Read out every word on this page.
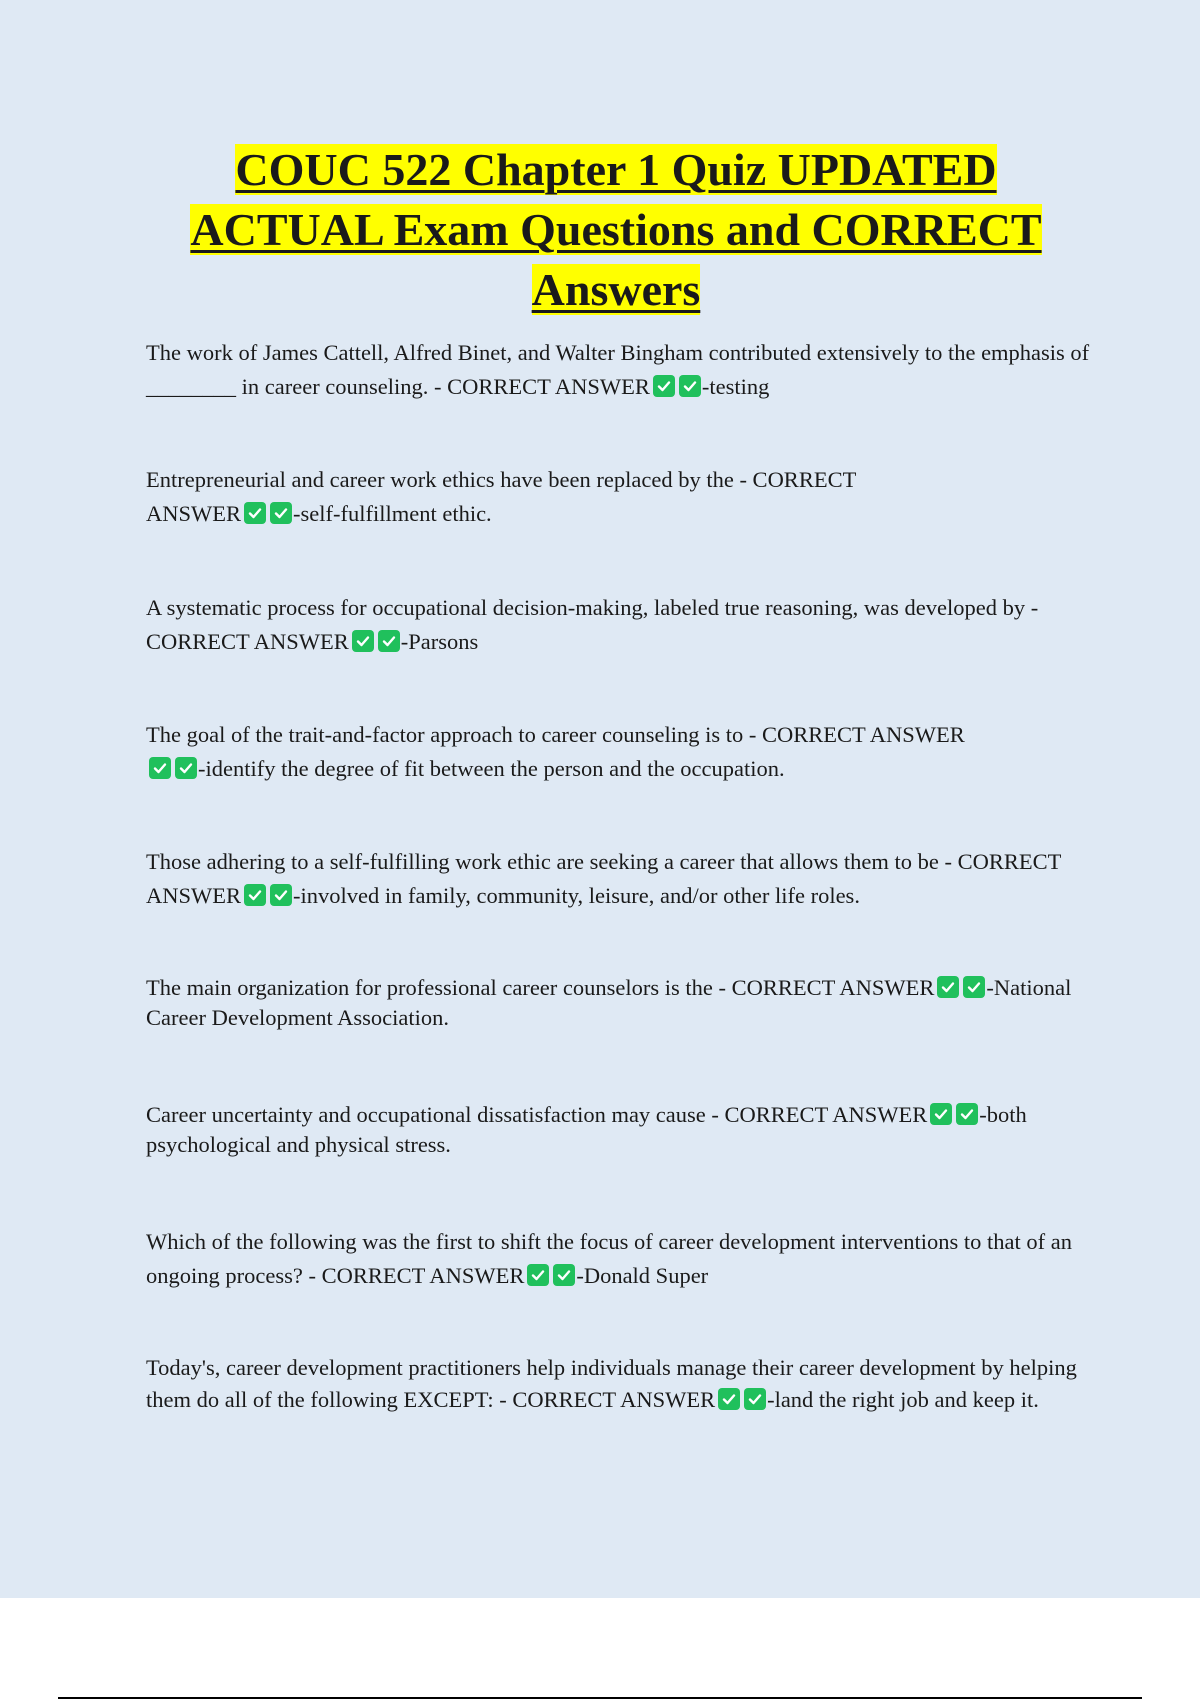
COUC 522 Chapter 1 Quiz UPDATED
ACTUAL Exam Questions and CORRECT
Answers

The work of James Cattell, Alfred Binet, and Walter Bingham contributed extensively to the emphasis of ________ in career counseling. - CORRECT ANSWER -testing

Entrepreneurial and career work ethics have been replaced by the - CORRECT ANSWER -self-fulfillment ethic.

A systematic process for occupational decision-making, labeled true reasoning, was developed by - CORRECT ANSWER -Parsons

The goal of the trait-and-factor approach to career counseling is to - CORRECT ANSWER
-identify the degree of fit between the person and the occupation.

Those adhering to a self-fulfilling work ethic are seeking a career that allows them to be - CORRECT ANSWER -involved in family, community, leisure, and/or other life roles.

The main organization for professional career counselors is the - CORRECT ANSWER -National Career Development Association.

Career uncertainty and occupational dissatisfaction may cause - CORRECT ANSWER -both psychological and physical stress.

Which of the following was the first to shift the focus of career development interventions to that of an ongoing process? - CORRECT ANSWER -Donald Super

Today's, career development practitioners help individuals manage their career development by helping them do all of the following EXCEPT: - CORRECT ANSWER -land the right job and keep it.
